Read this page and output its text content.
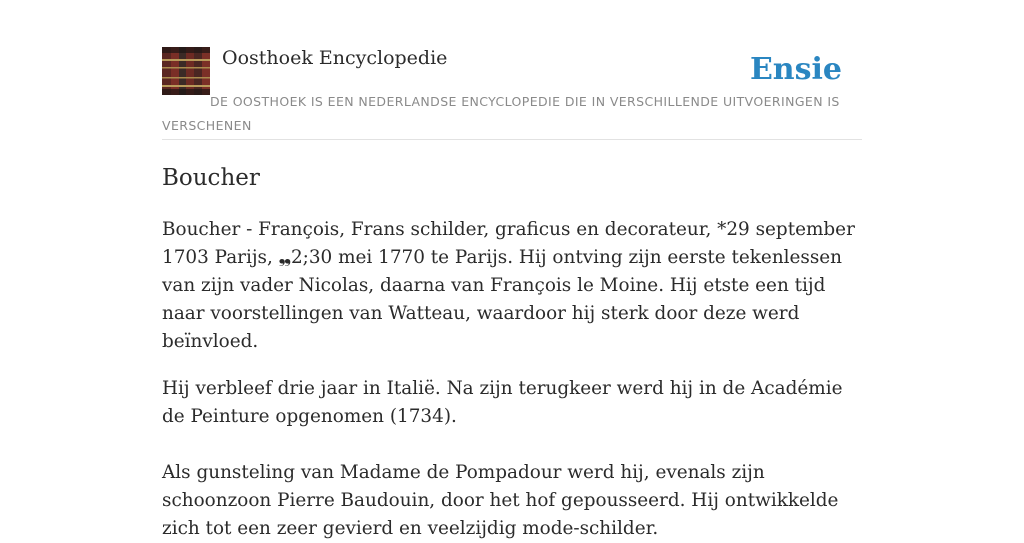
Oosthoek Encyclopedie	Ensie
DE OOSTHOEK IS EEN NEDERLANDSE ENCYCLOPEDIE DIE IN VERSCHILLENDE UITVOERINGEN IS VERSCHENEN
Boucher

Boucher - François, Frans schilder, graficus en decorateur, *29 september 1703 Parijs, ❠2;30 mei 1770 te Parijs. Hij ontving zijn eerste tekenlessen van zijn vader Nicolas, daarna van François le Moine. Hij etste een tijd naar voorstellingen van Watteau, waardoor hij sterk door deze werd beïnvloed.

Hij verbleef drie jaar in Italië. Na zijn terugkeer werd hij in de Académie de Peinture opgenomen (1734).

Als gunsteling van Madame de Pompadour werd hij, evenals zijn schoonzoon Pierre Baudouin, door het hof gepousseerd. Hij ontwikkelde zich tot een zeer gevierd en veelzijdig mode-schilder.
